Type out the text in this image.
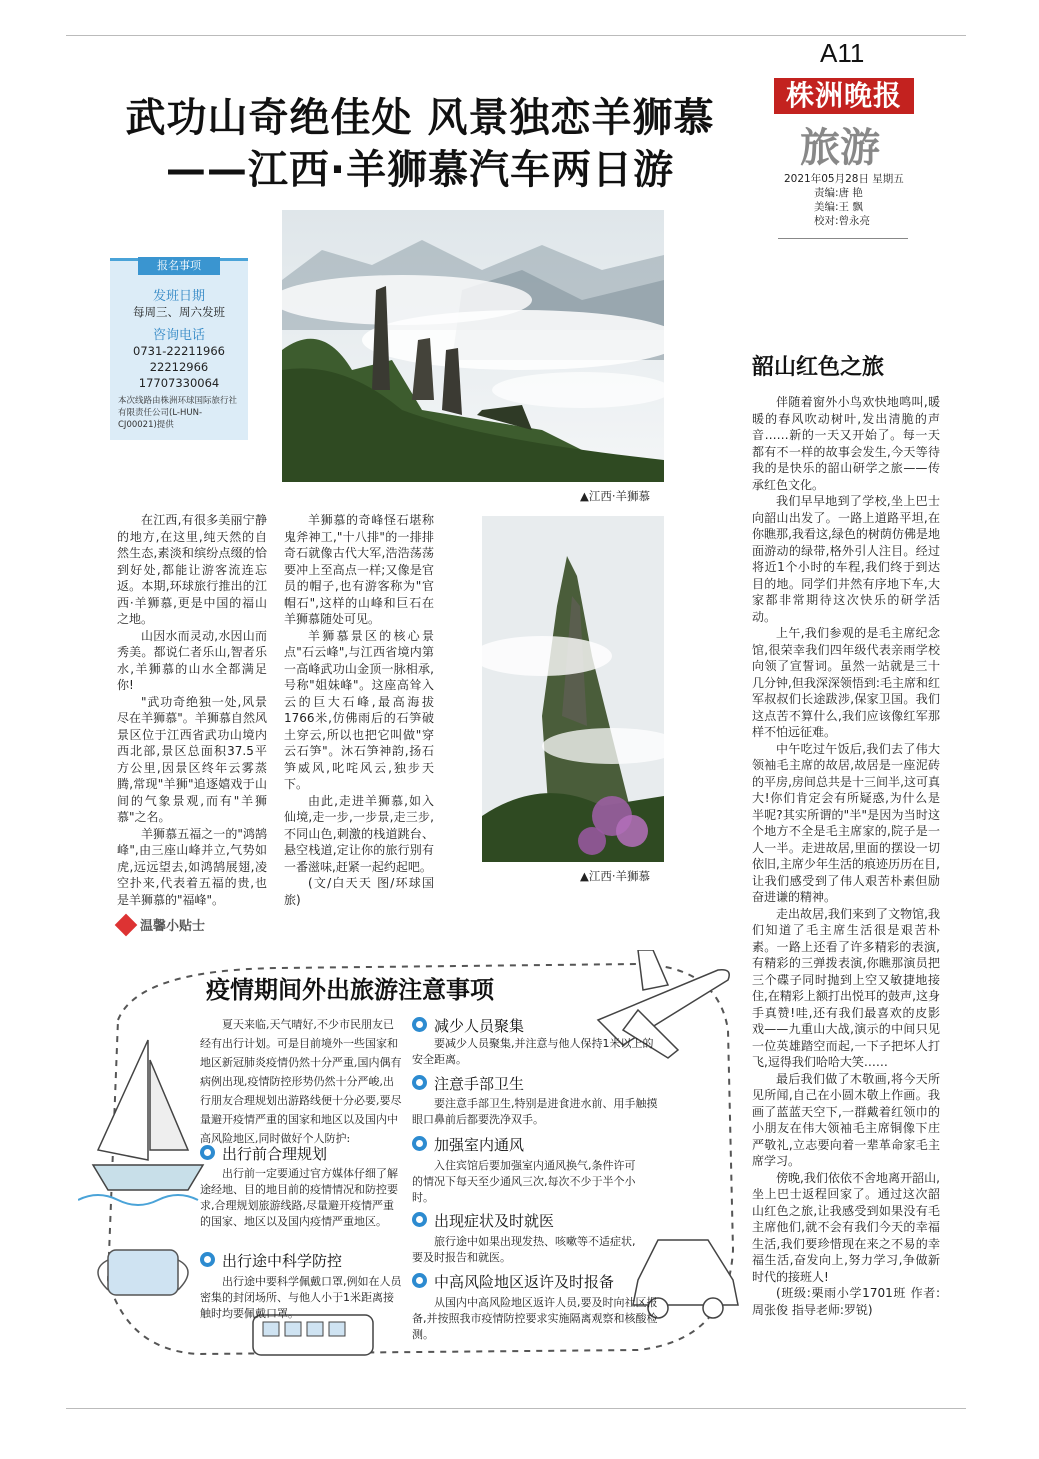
A11
株洲晚报
旅游
2021年05月28日 星期五
责编:唐 艳
美编:王 飘
校对:曾永亮
武功山奇绝佳处 风景独恋羊狮慕
——江西·羊狮慕汽车两日游
报名事项
发班日期
每周三、周六发班
咨询电话
0731-22211966
22212966
17707330064
本次线路由株洲环球国际旅行社有限责任公司(L-HUN-CJ00021)提供
▲江西·羊狮慕
▲江西·羊狮慕

在江西,有很多美丽宁静的地方,在这里,纯天然的自然生态,素淡和缤纷点缀的恰到好处,都能让游客流连忘返。本期,环球旅行推出的江西·羊狮慕,更是中国的福山之地。

山因水而灵动,水因山而秀美。都说仁者乐山,智者乐水,羊狮慕的山水全都满足你!

"武功奇绝独一处,风景尽在羊狮慕"。羊狮慕自然风景区位于江西省武功山境内西北部,景区总面积37.5平方公里,因景区终年云雾蒸腾,常现"羊狮"追逐嬉戏于山间的气象景观,而有"羊狮慕"之名。

羊狮慕五福之一的"鸿鹄峰",由三座山峰并立,气势如虎,远远望去,如鸿鹄展翅,凌空扑来,代表着五福的贵,也是羊狮慕的"福峰"。

羊狮慕的奇峰怪石堪称鬼斧神工,"十八排"的一排排奇石就像古代大军,浩浩荡荡要冲上至高点一样;又像是官员的帽子,也有游客称为"官帽石",这样的山峰和巨石在羊狮慕随处可见。

羊狮慕景区的核心景点"石云峰",与江西省境内第一高峰武功山金顶一脉相承,号称"姐妹峰"。这座高耸入云的巨大石峰,最高海拔1766米,仿佛雨后的石笋破土穿云,所以也把它叫做"穿云石笋"。沐石笋神韵,扬石笋威风,叱咤风云,独步天下。

由此,走进羊狮慕,如入仙境,走一步,一步景,走三步,不同山色,刺激的栈道跳台、悬空栈道,定让你的旅行别有一番滋味,赶紧一起约起吧。

(文/白天天 图/环球国旅)

韶山红色之旅

伴随着窗外小鸟欢快地鸣叫,暖暖的春风吹动树叶,发出清脆的声音……新的一天又开始了。每一天都有不一样的故事会发生,今天等待我的是快乐的韶山研学之旅——传承红色文化。

我们早早地到了学校,坐上巴士向韶山出发了。一路上道路平坦,在你瞧那,我看这,绿色的树荫仿佛是地面游动的绿带,格外引人注目。经过将近1个小时的车程,我们终于到达目的地。同学们井然有序地下车,大家都非常期待这次快乐的研学活动。

上午,我们参观的是毛主席纪念馆,很荣幸我们四年级代表亲雨学校向领了宣誓词。虽然一站就是三十几分钟,但我深深领悟到:毛主席和红军叔叔们长途跋涉,保家卫国。我们这点苦不算什么,我们应该像红军那样不怕远征难。

中午吃过午饭后,我们去了伟大领袖毛主席的故居,故居是一座泥砖的平房,房间总共是十三间半,这可真大!你们肯定会有所疑惑,为什么是半呢?其实所谓的"半"是因为当时这个地方不全是毛主席家的,院子是一人一半。走进故居,里面的摆设一切依旧,主席少年生活的痕迹历历在目,让我们感受到了伟人艰苦朴素但励奋进谦的精神。

走出故居,我们来到了文物馆,我们知道了毛主席生活很是艰苦朴素。一路上还看了许多精彩的表演,有精彩的三弹拨表演,你瞧那演员把三个碟子同时抛到上空又敏捷地接住,在精彩上额打出悦耳的鼓声,这身手真赞!哇,还有我们最喜欢的皮影戏——九重山大战,演示的中间只见一位英雄踏空而起,一下子把坏人打飞,逗得我们哈哈大笑……

最后我们做了木敬画,将今天所见所闻,自己在小圆木敬上作画。我画了蓝蓝天空下,一群戴着红领巾的小朋友在伟大领袖毛主席铜像下庄严敬礼,立志要向着一辈革命家毛主席学习。

傍晚,我们依依不舍地离开韶山,坐上巴士返程回家了。通过这次韶山红色之旅,让我感受到如果没有毛主席他们,就不会有我们今天的幸福生活,我们要珍惜现在来之不易的幸福生活,奋发向上,努力学习,争做新时代的接班人!

(班级:栗雨小学1701班 作者:周张俊 指导老师:罗锐)

温馨小贴士
疫情期间外出旅游注意事项

夏天来临,天气晴好,不少市民朋友已经有出行计划。可是目前境外一些国家和地区新冠肺炎疫情仍然十分严重,国内偶有病例出现,疫情防控形势仍然十分严峻,出行朋友合理规划出游路线便十分必要,要尽量避开疫情严重的国家和地区以及国内中高风险地区,同时做好个人防护:

出行前合理规划
出行前一定要通过官方媒体仔细了解途经地、目的地目前的疫情情况和防控要求,合理规划旅游线路,尽量避开疫情严重的国家、地区以及国内疫情严重地区。
出行途中科学防控
出行途中要科学佩戴口罩,例如在人员密集的封闭场所、与他人小于1米距离接触时均要佩戴口罩。
减少人员聚集
要减少人员聚集,并注意与他人保持1米以上的安全距离。
注意手部卫生
要注意手部卫生,特别是进食进水前、用手触摸眼口鼻前后都要洗净双手。
加强室内通风
入住宾馆后要加强室内通风换气,条件许可的情况下每天至少通风三次,每次不少于半个小时。
出现症状及时就医
旅行途中如果出现发热、咳嗽等不适症状,要及时报告和就医。
中高风险地区返许及时报备
从国内中高风险地区返许人员,要及时向社区报备,并按照我市疫情防控要求实施隔离观察和核酸检测。
